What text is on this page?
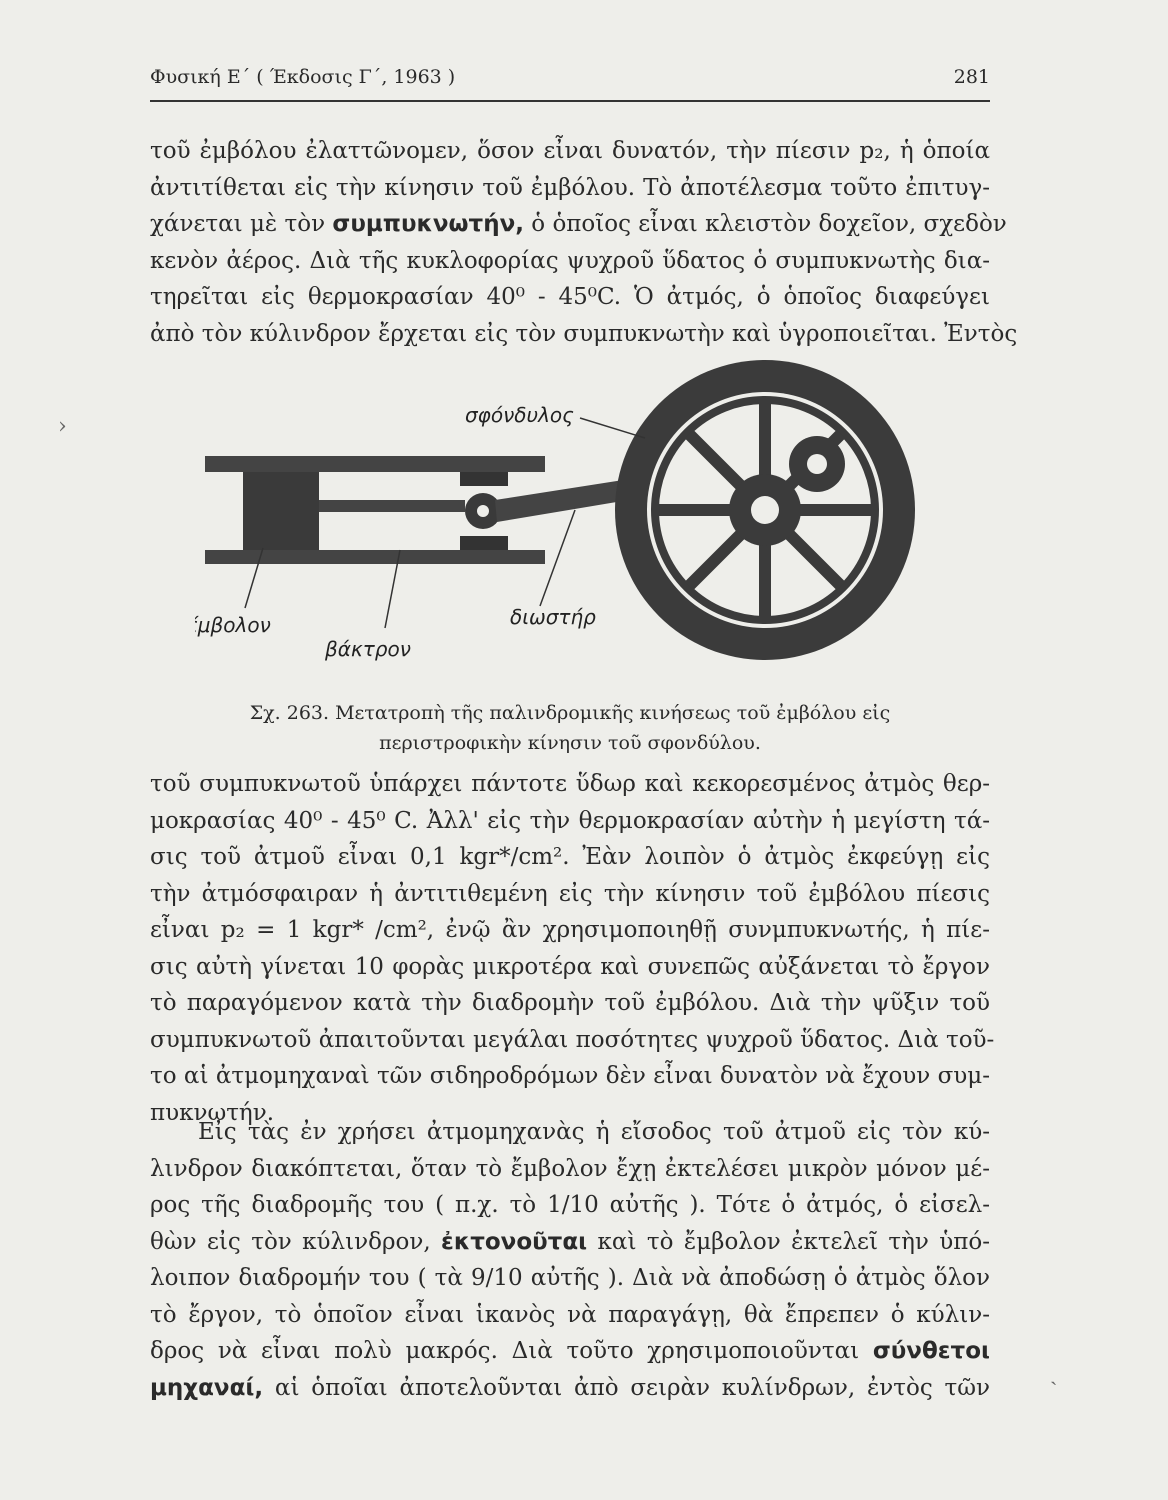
Φυσική Ε΄ ( Έκδοσις Γ΄, 1963 )	281
τοῦ ἐμβόλου ἐλαττῶνομεν, ὅσον εἶναι δυνατόν, τὴν πίεσιν p₂, ἡ ὁποία
ἀντιτίθεται εἰς τὴν κίνησιν τοῦ ἐμβόλου. Τὸ ἀποτέλεσμα τοῦτο ἐπιτυγ-
χάνεται μὲ τὸν συμπυκνωτήν, ὁ ὁποῖος εἶναι κλειστὸν δοχεῖον, σχεδὸν
κενὸν ἀέρος. Διὰ τῆς κυκλοφορίας ψυχροῦ ὕδατος ὁ συμπυκνωτὴς δια-
τηρεῖται εἰς θερμοκρασίαν 40⁰ - 45⁰C. Ὁ ἀτμός, ὁ ὁποῖος διαφεύγει
ἀπὸ τὸν κύλινδρον ἔρχεται εἰς τὸν συμπυκνωτὴν καὶ ὑγροποιεῖται. Ἐντὸς
σφόνδυλος
ἔμβολον
βάκτρον
διωστήρ
Σχ. 263. Μετατροπὴ τῆς παλινδρομικῆς κινήσεως τοῦ ἐμβόλου εἰς
περιστροφικὴν κίνησιν τοῦ σφονδύλου.
τοῦ συμπυκνωτοῦ ὑπάρχει πάντοτε ὕδωρ καὶ κεκορεσμένος ἀτμὸς θερ-
μοκρασίας 40⁰ - 45⁰ C. Ἀλλ' εἰς τὴν θερμοκρασίαν αὐτὴν ἡ μεγίστη τά-
σις τοῦ ἀτμοῦ εἶναι 0,1 kgr*/cm². Ἐὰν λοιπὸν ὁ ἀτμὸς ἐκφεύγῃ εἰς
τὴν ἀτμόσφαιραν ἡ ἀντιτιθεμένη εἰς τὴν κίνησιν τοῦ ἐμβόλου πίεσις
εἶναι p₂ = 1 kgr* /cm², ἐνῷ ἂν χρησιμοποιηθῇ συνμπυκνωτής, ἡ πίε-
σις αὐτὴ γίνεται 10 φορὰς μικροτέρα καὶ συνεπῶς αὐξάνεται τὸ ἔργον
τὸ παραγόμενον κατὰ τὴν διαδρομὴν τοῦ ἐμβόλου. Διὰ τὴν ψῦξιν τοῦ
συμπυκνωτοῦ ἀπαιτοῦνται μεγάλαι ποσότητες ψυχροῦ ὕδατος. Διὰ τοῦ-
το αἱ ἀτμομηχαναὶ τῶν σιδηροδρόμων δὲν εἶναι δυνατὸν νὰ ἔχουν συμ-
πυκνωτήν.
Εἰς τὰς ἐν χρήσει ἀτμομηχανὰς ἡ εἴσοδος τοῦ ἀτμοῦ εἰς τὸν κύ-
λινδρον διακόπτεται, ὅταν τὸ ἔμβολον ἔχῃ ἐκτελέσει μικρὸν μόνον μέ-
ρος τῆς διαδρομῆς του ( π.χ. τὸ 1/10 αὐτῆς ). Τότε ὁ ἀτμός, ὁ εἰσελ-
θὼν εἰς τὸν κύλινδρον, ἐκτονοῦται καὶ τὸ ἔμβολον ἐκτελεῖ τὴν ὑπό-
λοιπον διαδρομήν του ( τὰ 9/10 αὐτῆς ). Διὰ νὰ ἀποδώσῃ ὁ ἀτμὸς ὅλον
τὸ ἔργον, τὸ ὁποῖον εἶναι ἱκανὸς νὰ παραγάγῃ, θὰ ἔπρεπεν ὁ κύλιν-
δρος νὰ εἶναι πολὺ μακρός. Διὰ τοῦτο χρησιμοποιοῦνται σύνθετοι
μηχαναί, αἱ ὁποῖαι ἀποτελοῦνται ἀπὸ σειρὰν κυλίνδρων, ἐντὸς τῶν
›
ˎ
